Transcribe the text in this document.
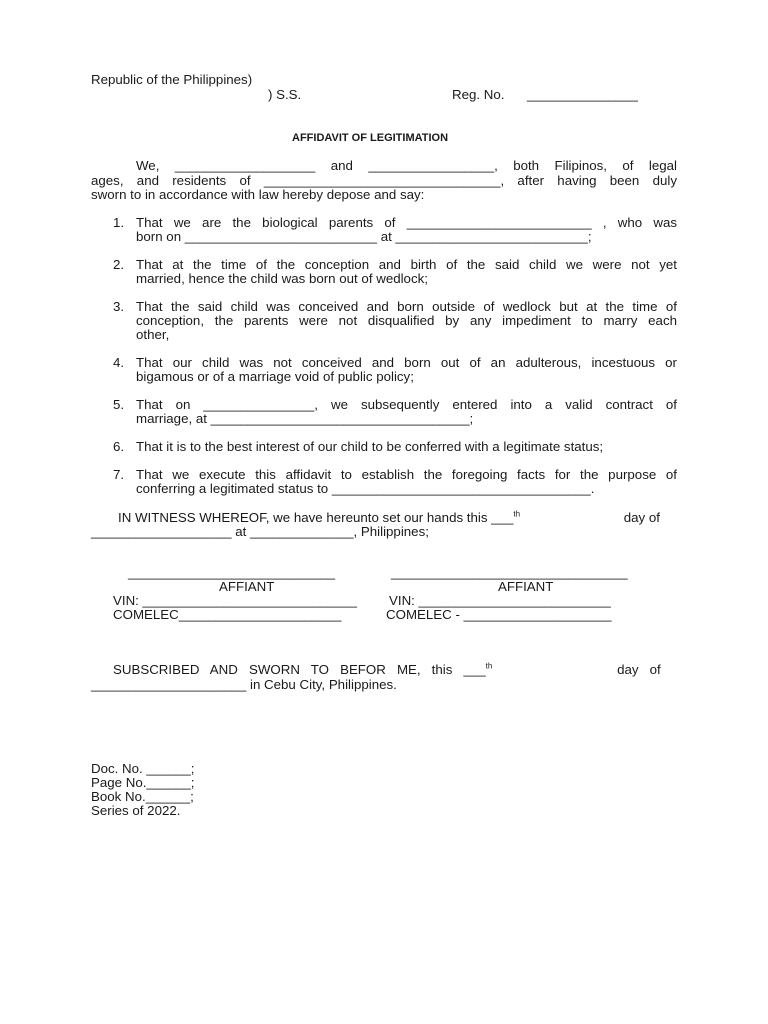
Republic of the Philippines)
) S.S.	Reg. No. _______________
AFFIDAVIT OF LEGITIMATION
We, ___________________ and _________________, both Filipinos, of legal
ages, and residents of ________________________________, after having been duly
sworn to in accordance with law hereby depose and say:
1. That we are the biological parents of _________________________ , who was
born on __________________________ at __________________________;
2. That at the time of the conception and birth of the said child we were not yet
married, hence the child was born out of wedlock;
3. That the said child was conceived and born outside of wedlock but at the time of
conception, the parents were not disqualified by any impediment to marry each
other,
4. That our child was not conceived and born out of an adulterous, incestuous or
bigamous or of a marriage void of public policy;
5. That on _______________, we subsequently entered into a valid contract of
marriage, at ___________________________________;
6. That it is to the best interest of our child to be conferred with a legitimate status;
7. That we execute this affidavit to establish the foregoing facts for the purpose of
conferring a legitimated status to ___________________________________.
IN WITNESS WHEREOF, we have hereunto set our hands this ___$^{th}$	day of
___________________ at ______________, Philippines;
____________________________
AFFIANT
VIN: _____________________________
COMELEC______________________
________________________________
AFFIANT
VIN: __________________________
COMELEC - ____________________
SUBSCRIBED   AND   SWORN   TO   BEFOR   ME,   this   ___$^{th}$	day   of
_____________________ in Cebu City, Philippines.
Doc. No. ______;
Page No.______;
Book No.______;
Series of 2022.
